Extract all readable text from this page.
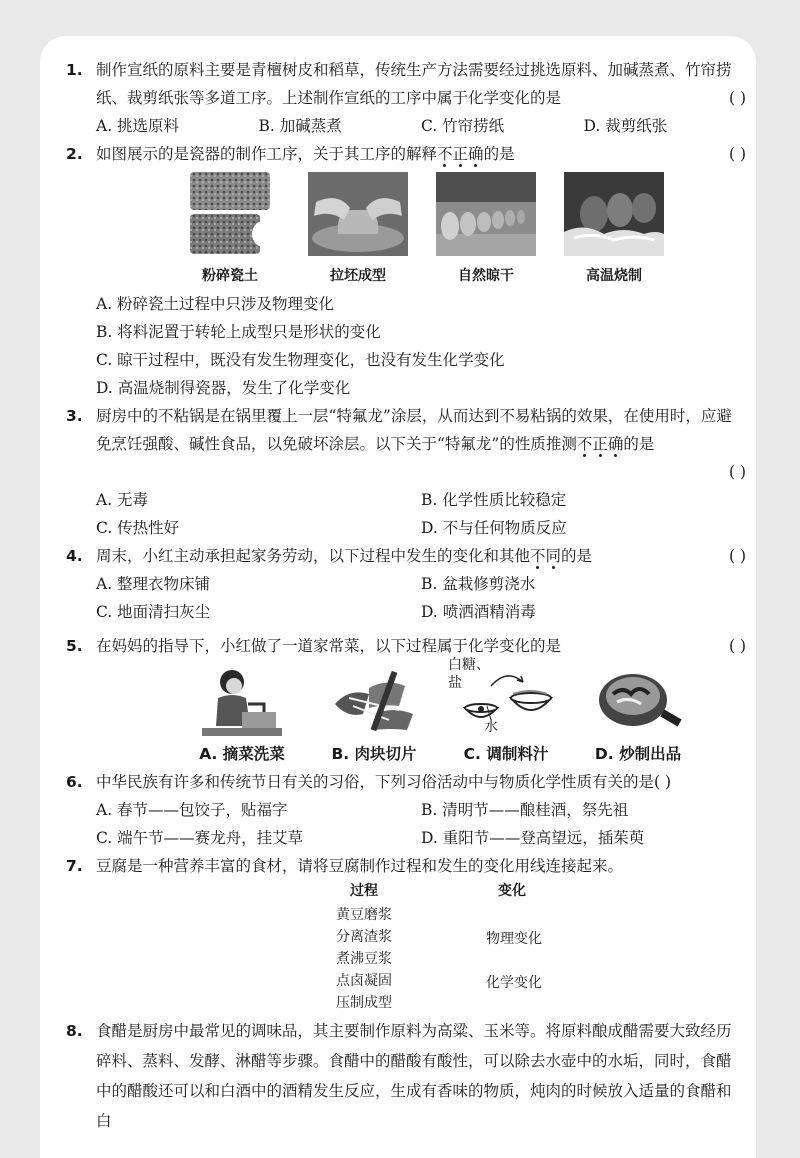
1. 制作宣纸的原料主要是青檀树皮和稻草，传统生产方法需要经过挑选原料、加碱蒸煮、竹帘捞纸、裁剪纸张等多道工序。上述制作宣纸的工序中属于化学变化的是	( )
A. 挑选原料	B. 加碱蒸煮	C. 竹帘捞纸	D. 裁剪纸张
2. 如图展示的是瓷器的制作工序，关于其工序的解释不正确的是	( )
粉碎瓷土	拉坯成型	自然晾干	高温烧制
A. 粉碎瓷土过程中只涉及物理变化
B. 将料泥置于转轮上成型只是形状的变化
C. 晾干过程中，既没有发生物理变化，也没有发生化学变化
D. 高温烧制得瓷器，发生了化学变化
3. 厨房中的不粘锅是在锅里覆上一层“特氟龙”涂层，从而达到不易粘锅的效果，在使用时，应避免烹饪强酸、碱性食品，以免破坏涂层。以下关于“特氟龙”的性质推测不正确的是
( )
A. 无毒	B. 化学性质比较稳定
C. 传热性好	D. 不与任何物质反应
4. 周末，小红主动承担起家务劳动，以下过程中发生的变化和其他不同的是	( )
A. 整理衣物床铺	B. 盆栽修剪浇水
C. 地面清扫灰尘	D. 喷洒酒精消毒
5. 在妈妈的指导下，小红做了一道家常菜，以下过程属于化学变化的是	( )
A. 摘菜洗菜	B. 肉块切片
白糖、
盐
水
C. 调制料汁	D. 炒制出品
6. 中华民族有许多和传统节日有关的习俗，下列习俗活动中与物质化学性质有关的是( )
A. 春节——包饺子，贴福字	B. 清明节——酿桂酒，祭先祖
C. 端午节——赛龙舟，挂艾草	D. 重阳节——登高望远，插茱萸
7. 豆腐是一种营养丰富的食材，请将豆腐制作过程和发生的变化用线连接起来。
过程	变化
黄豆磨浆
分离渣浆
煮沸豆浆
点卤凝固
压制成型
物理变化
化学变化
8. 食醋是厨房中最常见的调味品，其主要制作原料为高粱、玉米等。将原料酿成醋需要大致经历碎料、蒸料、发酵、淋醋等步骤。食醋中的醋酸有酸性，可以除去水壶中的水垢，同时，食醋中的醋酸还可以和白酒中的酒精发生反应，生成有香味的物质，炖肉的时候放入适量的食醋和白
